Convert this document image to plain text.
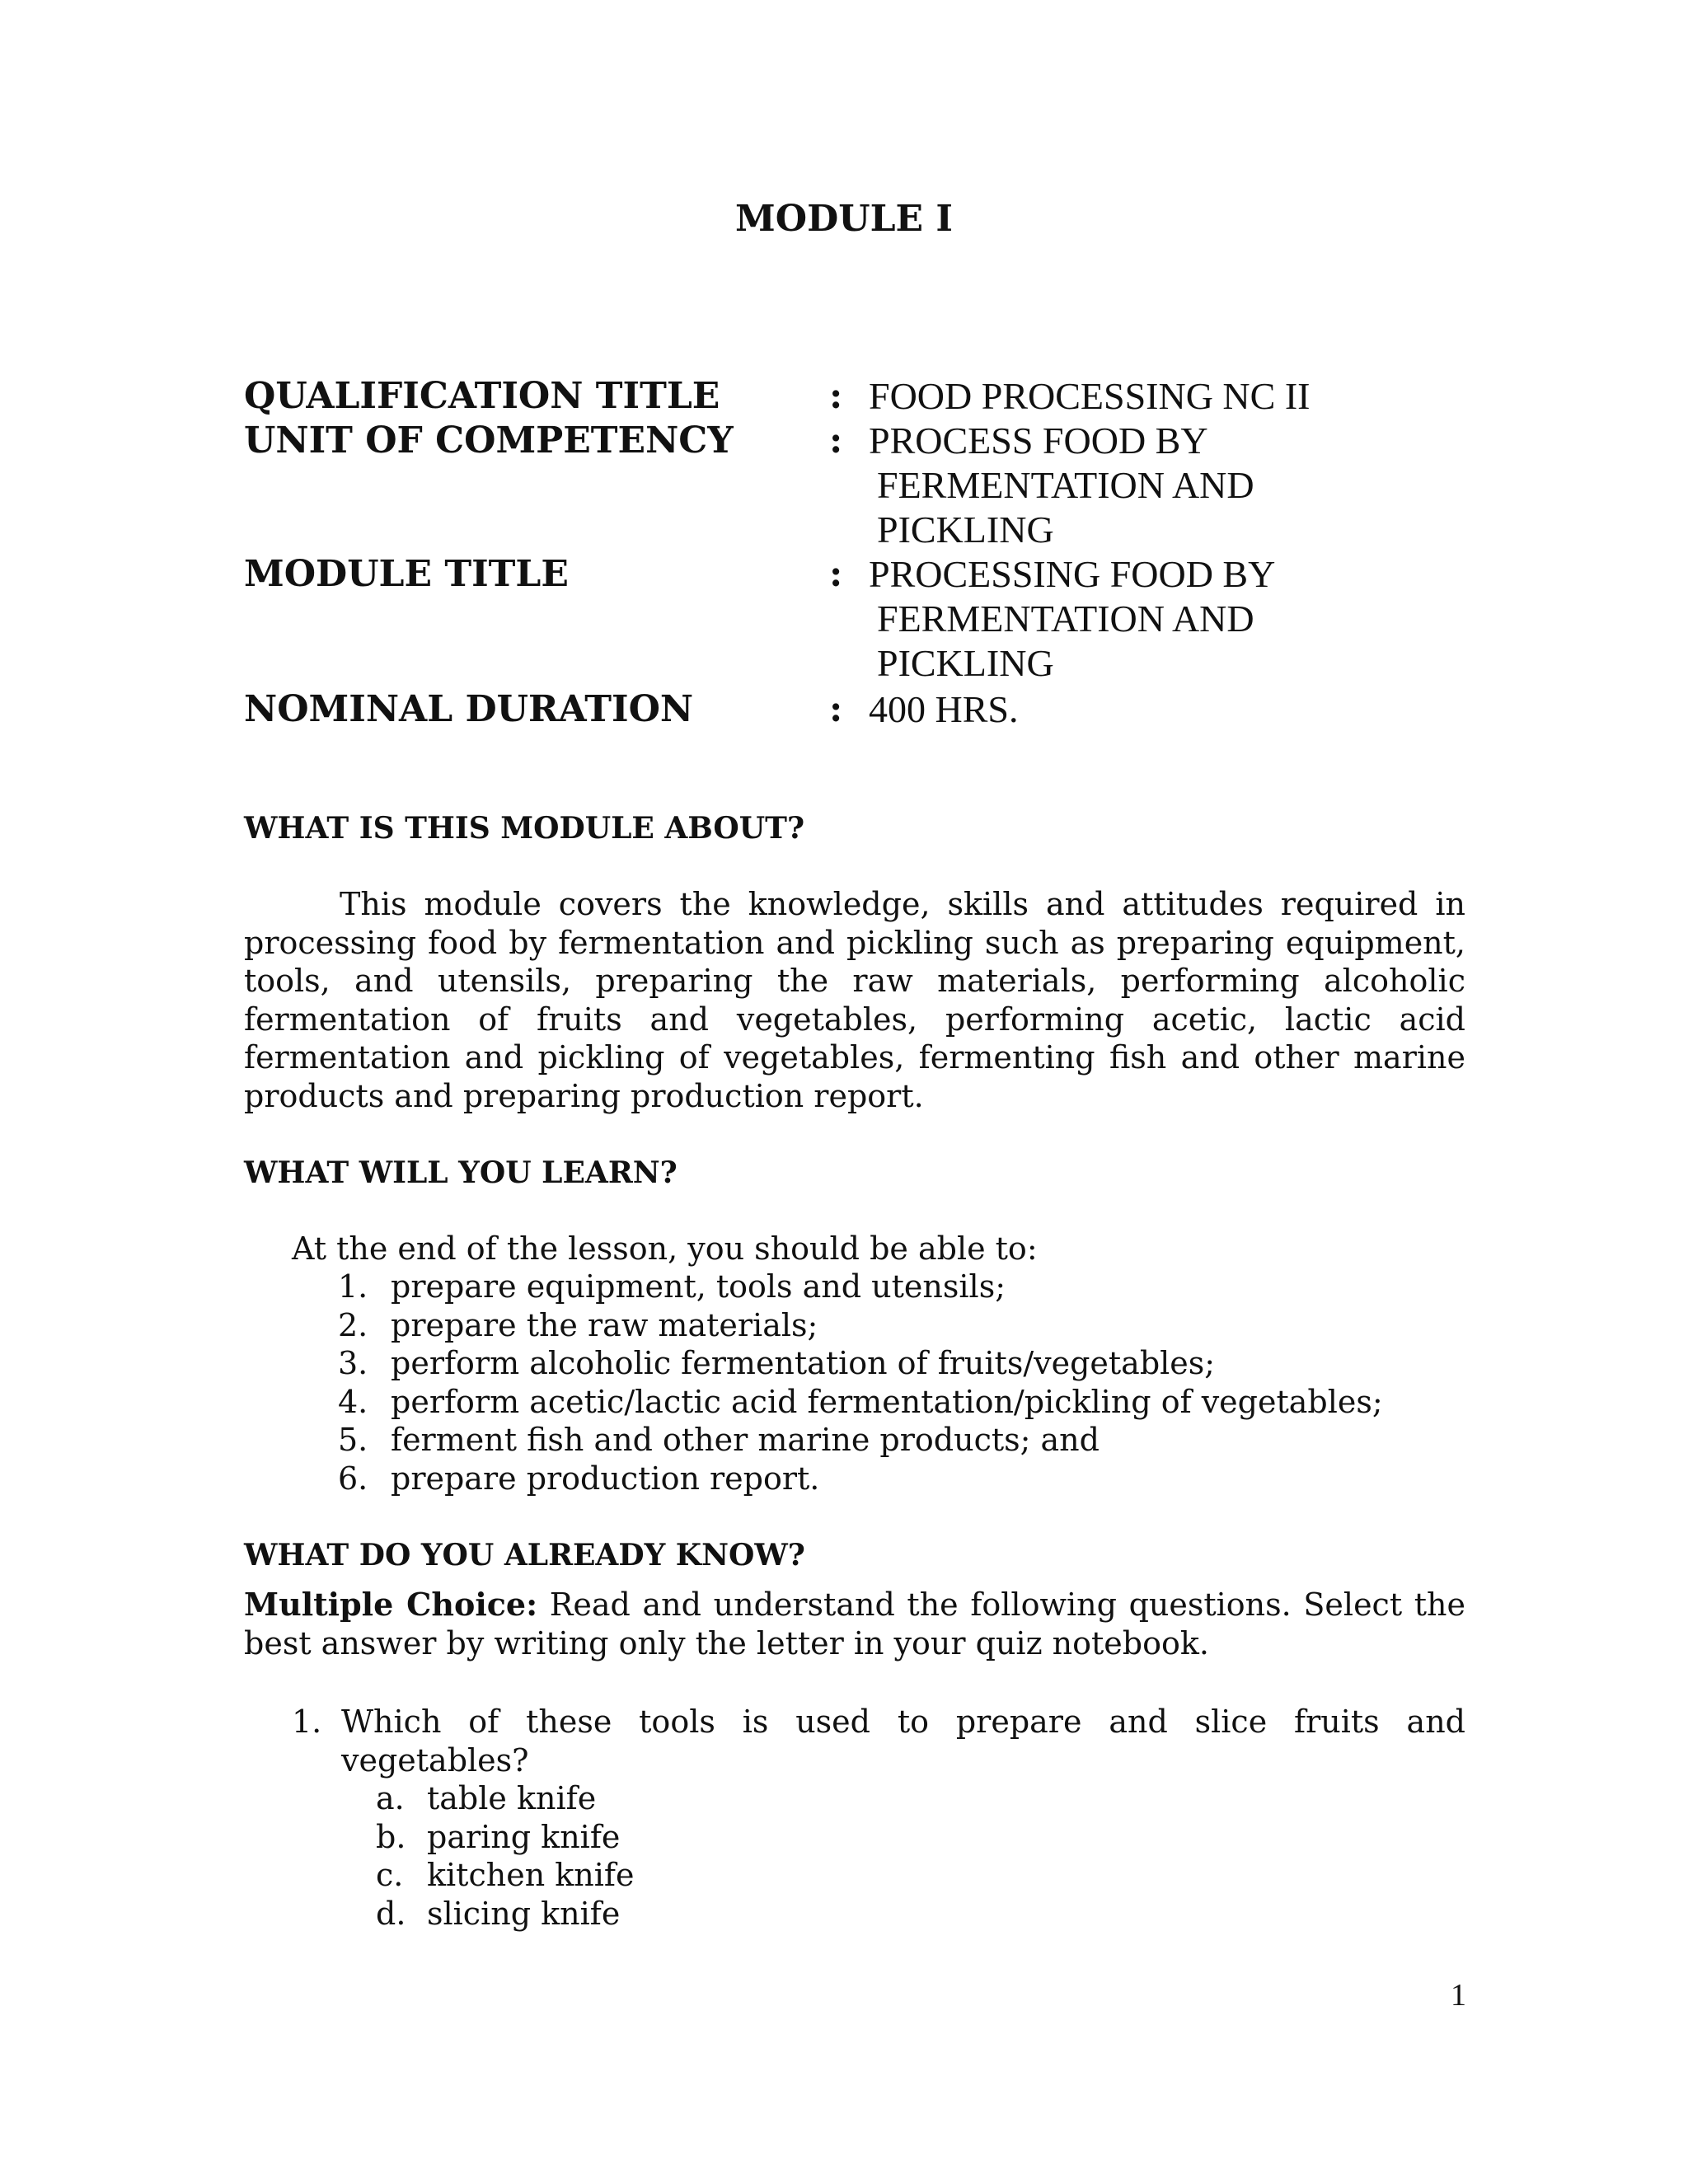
MODULE I
QUALIFICATION TITLE	: FOOD PROCESSING NC II
UNIT OF COMPETENCY	: PROCESS FOOD BY
FERMENTATION AND
PICKLING
MODULE TITLE	: PROCESSING FOOD BY
FERMENTATION AND
PICKLING
NOMINAL DURATION	: 400 HRS.
WHAT IS THIS MODULE ABOUT?
This module covers the knowledge, skills and attitudes required in processing food by fermentation and pickling such as preparing equipment, tools, and utensils, preparing the raw materials, performing alcoholic fermentation of fruits and vegetables, performing acetic, lactic acid fermentation and pickling of vegetables, fermenting fish and other marine products and preparing production report.
WHAT WILL YOU LEARN?
At the end of the lesson, you should be able to:
1. prepare equipment, tools and utensils;
2. prepare the raw materials;
3. perform alcoholic fermentation of fruits/vegetables;
4. perform acetic/lactic acid fermentation/pickling of vegetables;
5. ferment fish and other marine products; and
6. prepare production report.
WHAT DO YOU ALREADY KNOW?
Multiple Choice: Read and understand the following questions. Select the best answer by writing only the letter in your quiz notebook.
1. Which of these tools is used to prepare and slice fruits and
vegetables?
a. table knife
b. paring knife
c. kitchen knife
d. slicing knife
1
